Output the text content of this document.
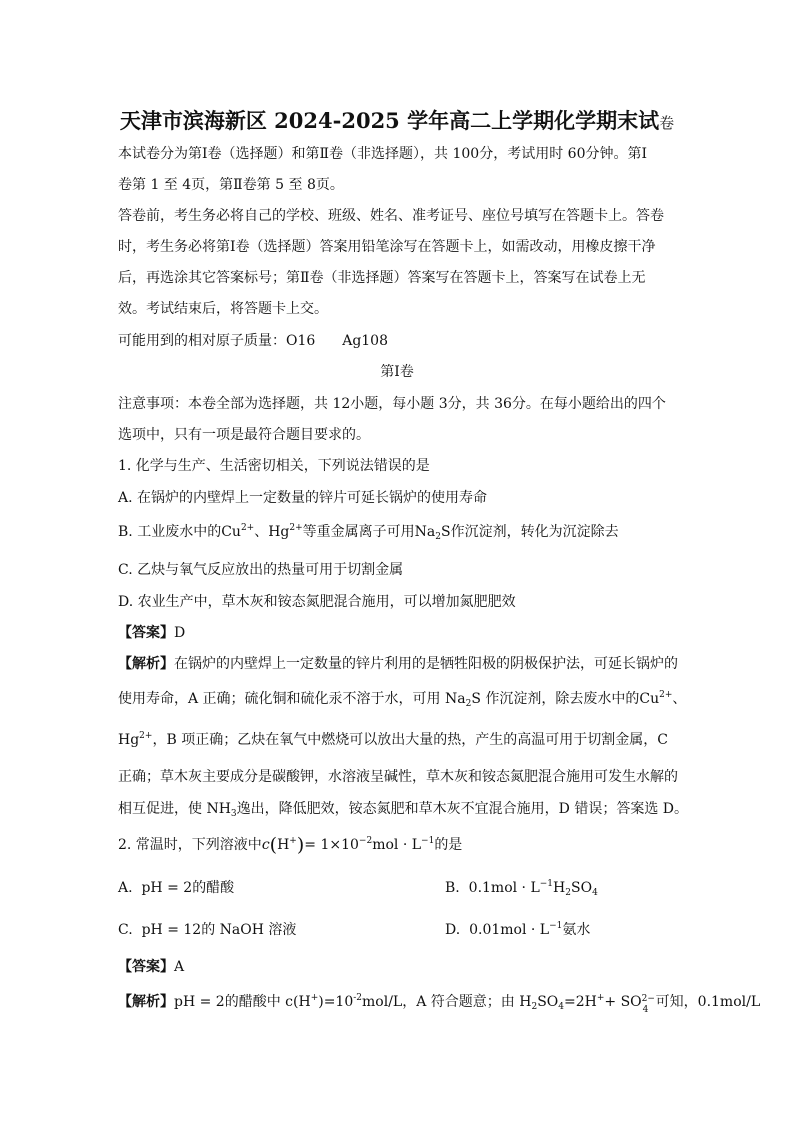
天津市滨海新区 2024-2025 学年高二上学期化学期末试卷
本试卷分为第Ⅰ卷（选择题）和第Ⅱ卷（非选择题），共 100分，考试用时 60分钟。第Ⅰ
卷第 1 至 4页，第Ⅱ卷第 5 至 8页。
答卷前，考生务必将自己的学校、班级、姓名、准考证号、座位号填写在答题卡上。答卷
时，考生务必将第Ⅰ卷（选择题）答案用铅笔涂写在答题卡上，如需改动，用橡皮擦干净
后，再选涂其它答案标号；第Ⅱ卷（非选择题）答案写在答题卡上，答案写在试卷上无
效。考试结束后，将答题卡上交。
可能用到的相对原子质量：O16 Ag108
第Ⅰ卷
注意事项：本卷全部为选择题，共 12小题，每小题 3分，共 36分。在每小题给出的四个
选项中，只有一项是最符合题目要求的。
1. 化学与生产、生活密切相关，下列说法错误的是
A. 在锅炉的内壁焊上一定数量的锌片可延长锅炉的使用寿命
B. 工业废水中的$Cu^{2+}$、$Hg^{2+}$等重金属离子可用$Na_2S$作沉淀剂，转化为沉淀除去
C. 乙炔与氧气反应放出的热量可用于切割金属
D. 农业生产中，草木灰和铵态氮肥混合施用，可以增加氮肥肥效
【答案】D
【解析】在锅炉的内壁焊上一定数量的锌片利用的是牺牲阳极的阴极保护法，可延长锅炉的
使用寿命，A 正确；硫化铜和硫化汞不溶于水，可用 $Na_2S$ 作沉淀剂，除去废水中的$Cu^{2+}$、
$Hg^{2+}$，B 项正确；乙炔在氧气中燃烧可以放出大量的热，产生的高温可用于切割金属，C
正确；草木灰主要成分是碳酸钾，水溶液呈碱性，草木灰和铵态氮肥混合施用可发生水解的
相互促进，使 $NH_3$逸出，降低肥效，铵态氮肥和草木灰不宜混合施用，D 错误；答案选 D。
2. 常温时，下列溶液中$c(H^+)= 1\times 10^{-2}mol \cdot L^{-1}$的是
A. pH = 2的醋酸	B. $0.1mol \cdot L^{-1}H_2SO_4$
C. pH = 12的 NaOH 溶液	D. $0.01mol \cdot L^{-1}$氨水
【答案】A
【解析】pH = 2的醋酸中 $c(H^+)=10^{-2}mol/L$，A 符合题意；由 $H_2SO_4=2H^++$ SO 2−
4 可知，0.1mol/L
